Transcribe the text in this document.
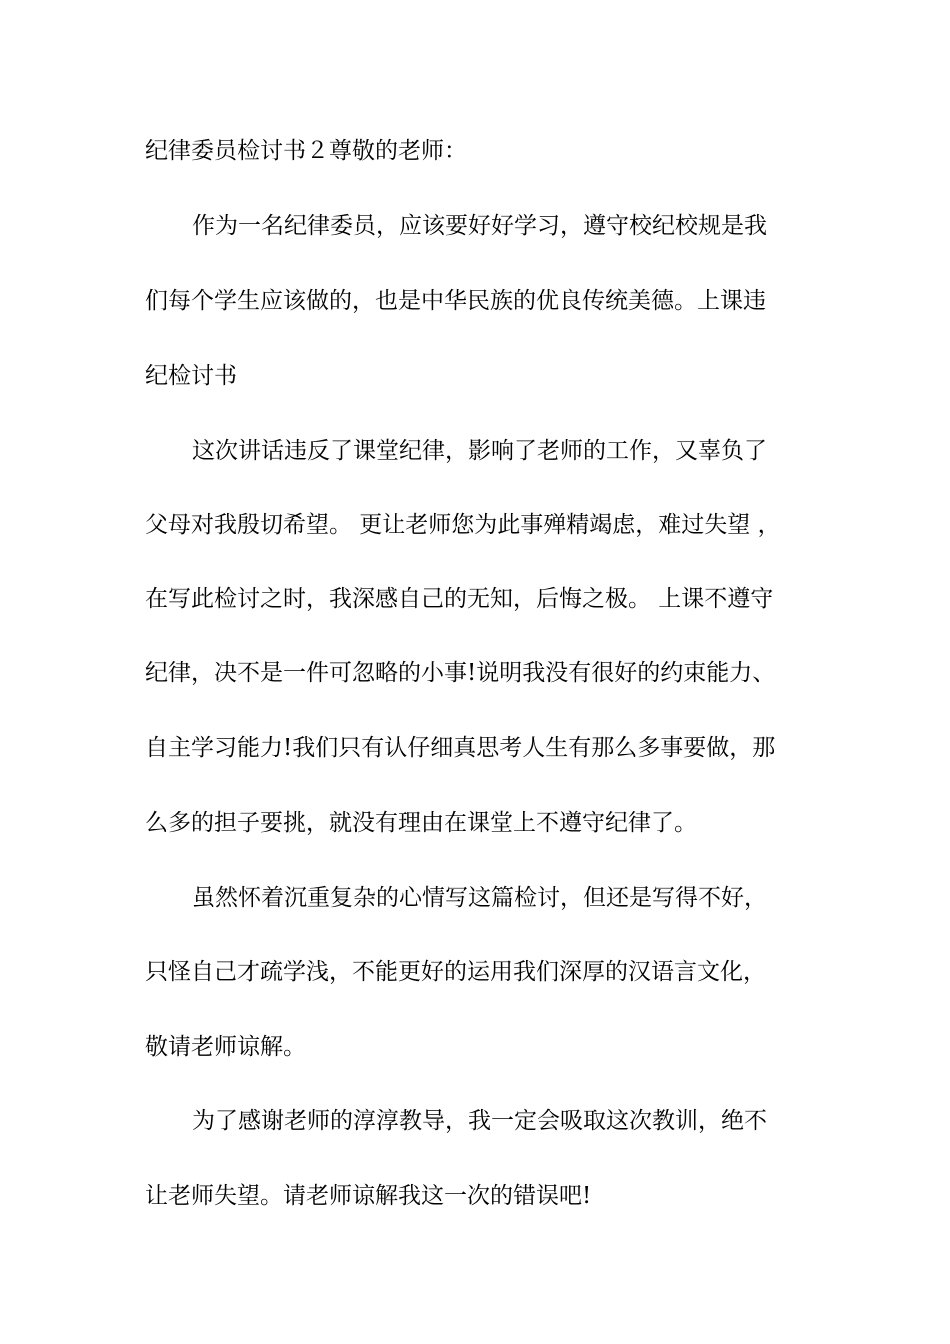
纪律委员检讨书２尊敬的老师：
作为一名纪律委员，应该要好好学习，遵守校纪校规是我
们每个学生应该做的，也是中华民族的优良传统美德。上课违
纪检讨书
这次讲话违反了课堂纪律，影响了老师的工作，又辜负了
父母对我殷切希望。 更让老师您为此事殚精竭虑，难过失望 ，
在写此检讨之时，我深感自己的无知，后悔之极。 上课不遵守
纪律，决不是一件可忽略的小事!说明我没有很好的约束能力、
自主学习能力!我们只有认仔细真思考人生有那么多事要做，那
么多的担子要挑，就没有理由在课堂上不遵守纪律了。
虽然怀着沉重复杂的心情写这篇检讨，但还是写得不好，
只怪自己才疏学浅，不能更好的运用我们深厚的汉语言文化，
敬请老师谅解。
为了感谢老师的淳淳教导，我一定会吸取这次教训，绝不
让老师失望。请老师谅解我这一次的错误吧!
